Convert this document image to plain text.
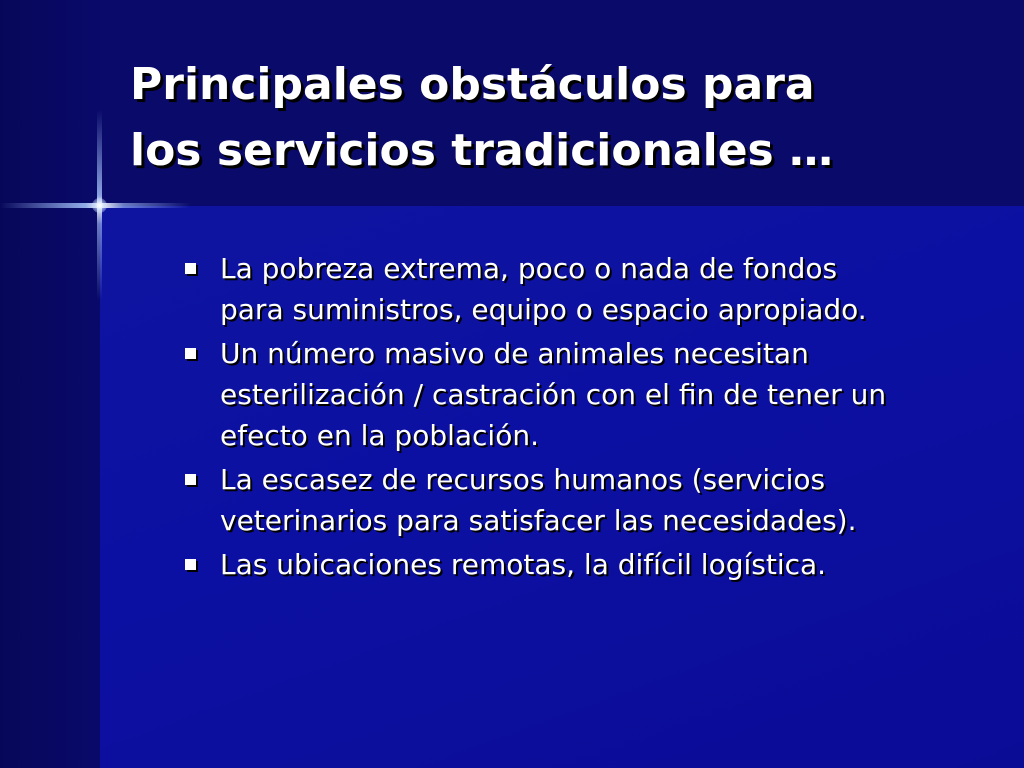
Principales obstáculos para
los servicios tradicionales …
La pobreza extrema, poco o nada de fondos para suministros, equipo o espacio apropiado.
Un número masivo de animales necesitan esterilización / castración con el fin de tener un efecto en la población.
La escasez de recursos humanos (servicios veterinarios para satisfacer las necesidades).
Las ubicaciones remotas, la difícil logística.
